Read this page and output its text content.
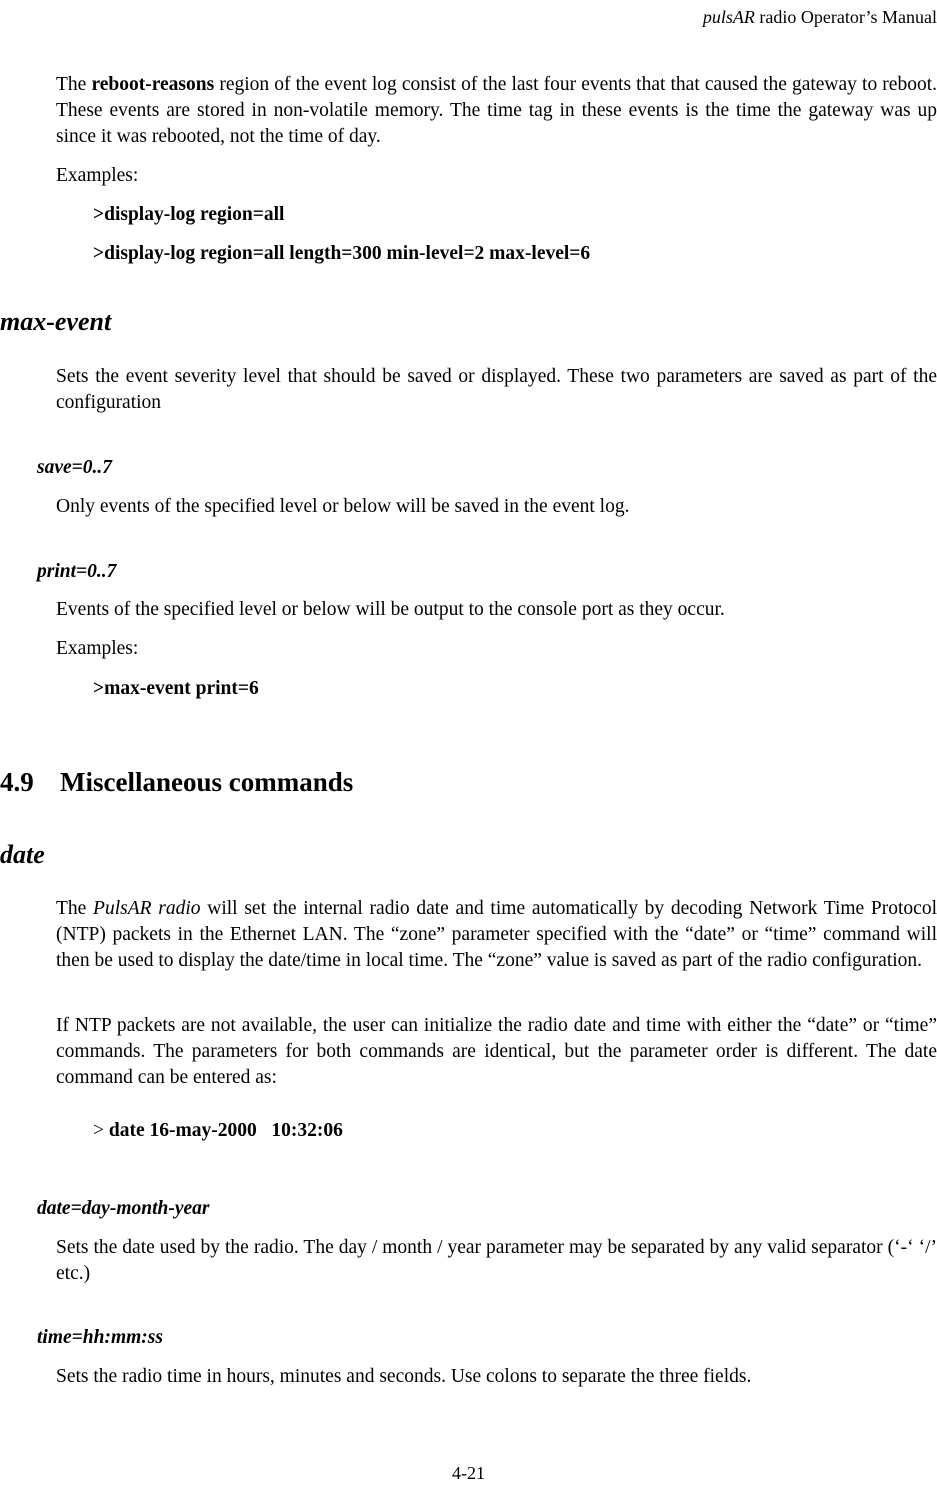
pulsAR radio Operator’s Manual
The reboot-reasons region of the event log consist of the last four events that that caused the gateway to reboot. These events are stored in non-volatile memory. The time tag in these events is the time the gateway was up since it was rebooted, not the time of day.
Examples:
>display-log region=all
>display-log region=all length=300 min-level=2 max-level=6
max-event
Sets the event severity level that should be saved or displayed. These two parameters are saved as part of the configuration
save=0..7
Only events of the specified level or below will be saved in the event log.
print=0..7
Events of the specified level or below will be output to the console port as they occur.
Examples:
>max-event print=6
4.9 Miscellaneous commands
date
The PulsAR radio will set the internal radio date and time automatically by decoding Network Time Protocol (NTP) packets in the Ethernet LAN. The “zone” parameter specified with the “date” or “time” command will then be used to display the date/time in local time. The “zone” value is saved as part of the radio configuration.
If NTP packets are not available, the user can initialize the radio date and time with either the “date” or “time” commands. The parameters for both commands are identical, but the parameter order is different. The date command can be entered as:
> date 16-may-2000   10:32:06
date=day-month-year
Sets the date used by the radio. The day / month / year parameter may be separated by any valid separator (‘-‘ ‘/’ etc.)
time=hh:mm:ss
Sets the radio time in hours, minutes and seconds. Use colons to separate the three fields.
4-21
